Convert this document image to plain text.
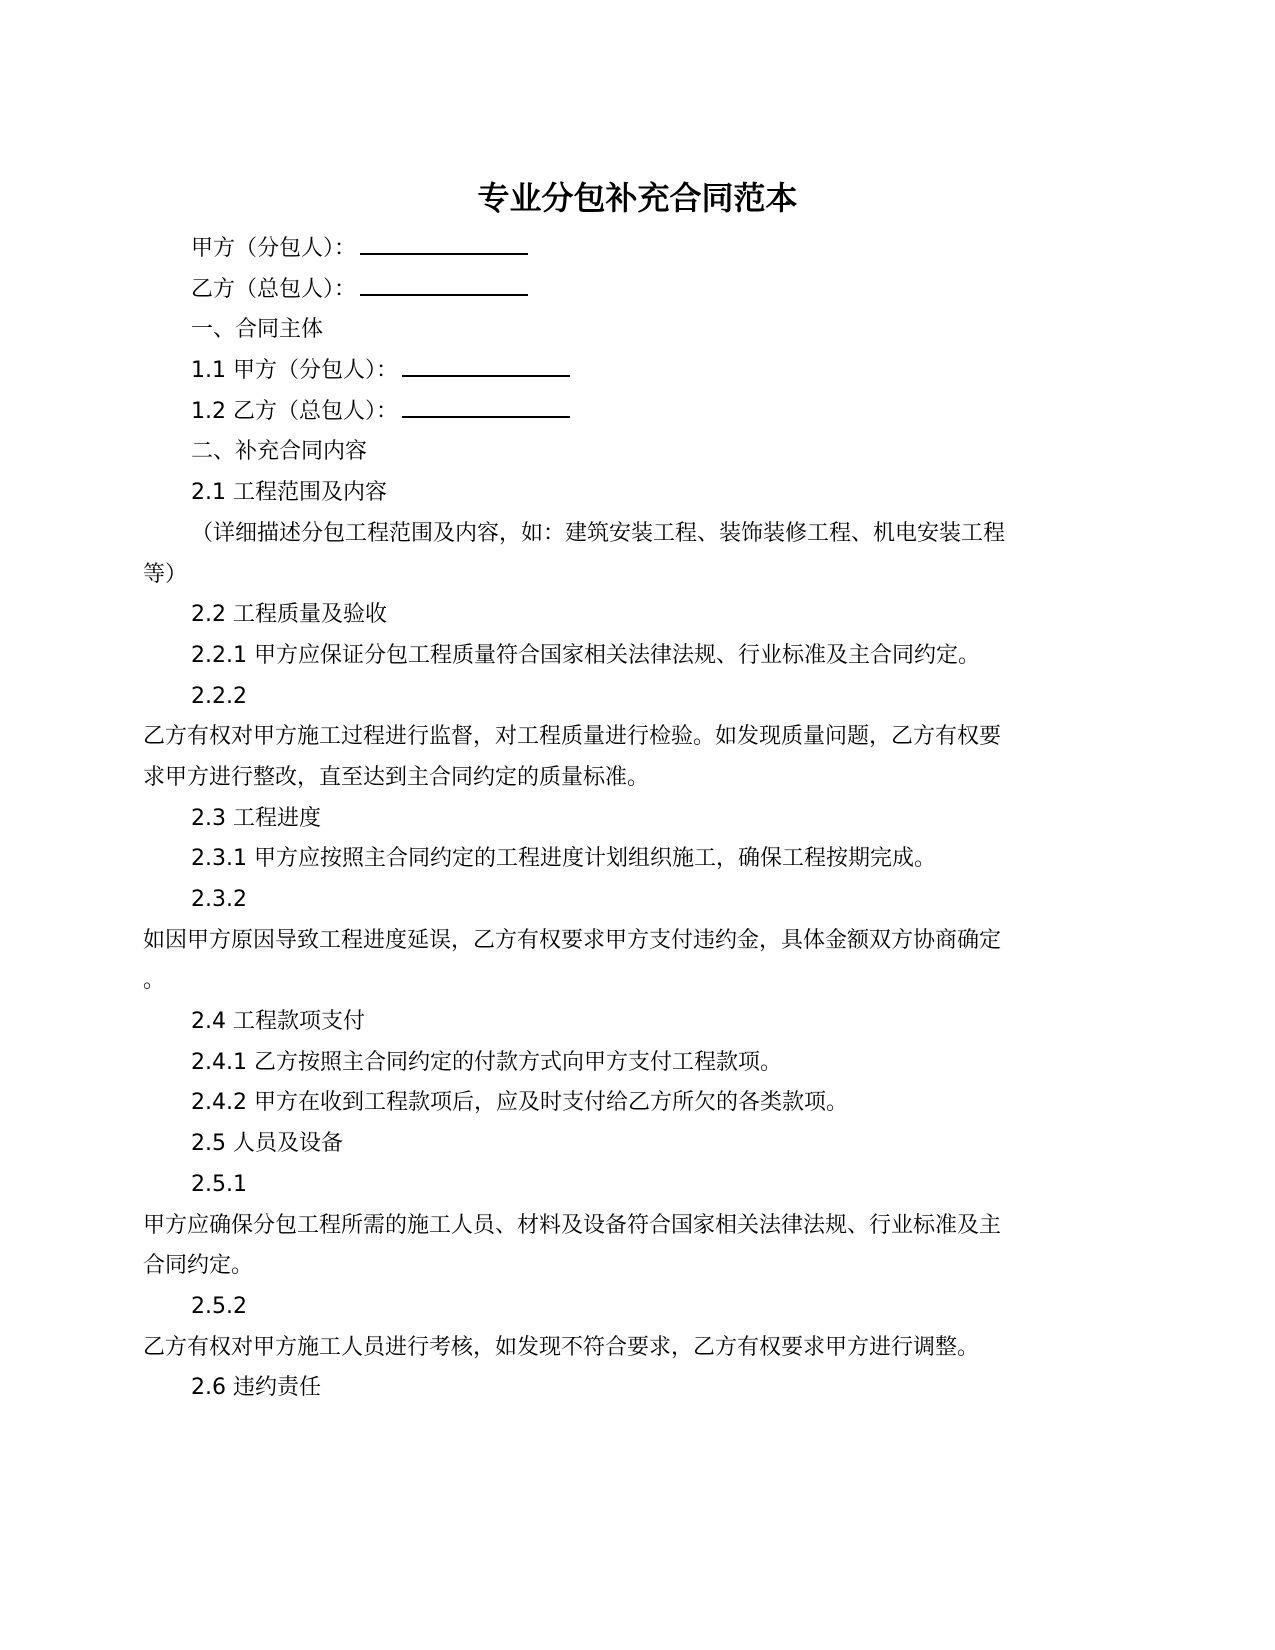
专业分包补充合同范本
甲方（分包人）：
乙方（总包人）：
一、合同主体
1.1 甲方（分包人）：
1.2 乙方（总包人）：
二、补充合同内容
2.1 工程范围及内容
（详细描述分包工程范围及内容，如：建筑安装工程、装饰装修工程、机电安装工程
等）
2.2 工程质量及验收
2.2.1 甲方应保证分包工程质量符合国家相关法律法规、行业标准及主合同约定。
2.2.2
乙方有权对甲方施工过程进行监督，对工程质量进行检验。如发现质量问题，乙方有权要
求甲方进行整改，直至达到主合同约定的质量标准。
2.3 工程进度
2.3.1 甲方应按照主合同约定的工程进度计划组织施工，确保工程按期完成。
2.3.2
如因甲方原因导致工程进度延误，乙方有权要求甲方支付违约金，具体金额双方协商确定
。
2.4 工程款项支付
2.4.1 乙方按照主合同约定的付款方式向甲方支付工程款项。
2.4.2 甲方在收到工程款项后，应及时支付给乙方所欠的各类款项。
2.5 人员及设备
2.5.1
甲方应确保分包工程所需的施工人员、材料及设备符合国家相关法律法规、行业标准及主
合同约定。
2.5.2
乙方有权对甲方施工人员进行考核，如发现不符合要求，乙方有权要求甲方进行调整。
2.6 违约责任
